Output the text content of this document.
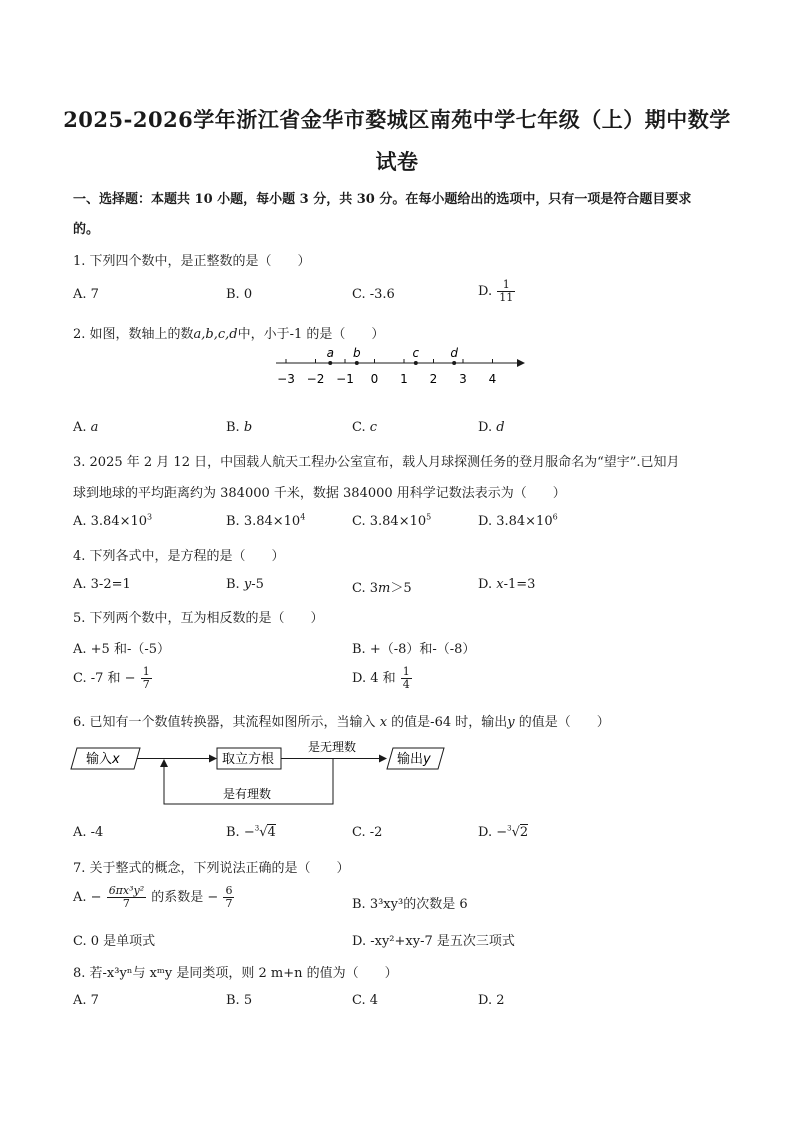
2025-2026学年浙江省金华市婺城区南苑中学七年级（上）期中数学
试卷
一、选择题：本题共 10 小题，每小题 3 分，共 30 分。在每小题给出的选项中，只有一项是符合题目要求
的。
1. 下列四个数中，是正整数的是（　　）
A. 7	B. 0	C. -3.6	D. $\frac{1}{11}$
2. 如图，数轴上的数a,b,c,d中，小于-1 的是（　　）
−3 −2 −1 0 1 2 3 4
a b	c	d
A. a	B. b	C. c	D. d
3. 2025 年 2 月 12 日，中国载人航天工程办公室宣布，载人月球探测任务的登月服命名为“望宇”.已知月
球到地球的平均距离约为 384000 千米，数据 384000 用科学记数法表示为（　　）
A. $3.84\times 10^3$	B. $3.84\times 10^4$	C. $3.84\times 10^5$	D. $3.84\times 10^6$
4. 下列各式中，是方程的是（　　）
A. 3-2=1	B. y-5	C. 3m＞5	D. x-1=3
5. 下列两个数中，互为相反数的是（　　）
A. +5 和-（-5）	B. +（-8）和-（-8）
C. -7 和 − $\frac{1}{7}$	D. 4 和 $\frac{1}{4}$
6. 已知有一个数值转换器，其流程如图所示，当输入 x 的值是-64 时，输出y 的值是（　　）
输入x	取立方根
是无理数
输出y
是有理数
A. -4	B. −$^3$√4	C. -2	D. −$^3$√2
7. 关于整式的概念，下列说法正确的是（　　）
A. − $\frac{\text{6πx³y²}}{7}$ 的系数是 − $\frac{6}{7}$	B. 3³xy³的次数是 6
C. 0 是单项式	D. -xy²+xy-7 是五次三项式
8. 若-x³yⁿ与 xᵐy 是同类项，则 2 m+n 的值为（　　）
A. 7	B. 5	C. 4	D. 2
